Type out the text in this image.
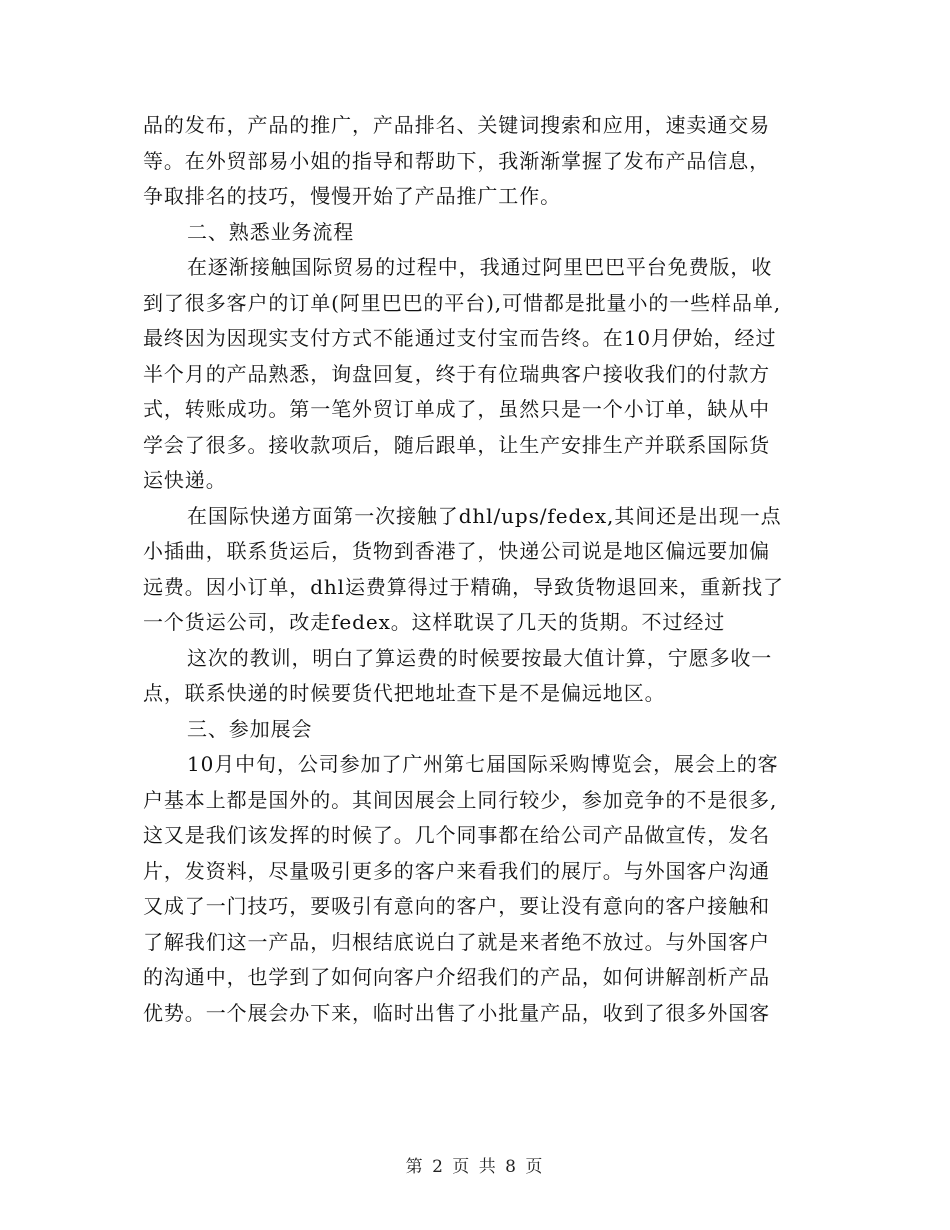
品的发布，产品的推广，产品排名、关键词搜索和应用，速卖通交易
等。在外贸部易小姐的指导和帮助下，我渐渐掌握了发布产品信息，
争取排名的技巧，慢慢开始了产品推广工作。
二、熟悉业务流程
在逐渐接触国际贸易的过程中，我通过阿里巴巴平台免费版，收
到了很多客户的订单(阿里巴巴的平台),可惜都是批量小的一些样品单,
最终因为因现实支付方式不能通过支付宝而告终。在10月伊始，经过
半个月的产品熟悉，询盘回复，终于有位瑞典客户接收我们的付款方
式，转账成功。第一笔外贸订单成了，虽然只是一个小订单，缺从中
学会了很多。接收款项后，随后跟单，让生产安排生产并联系国际货
运快递。
在国际快递方面第一次接触了dhl/ups/fedex,其间还是出现一点
小插曲，联系货运后，货物到香港了，快递公司说是地区偏远要加偏
远费。因小订单，dhl运费算得过于精确，导致货物退回来，重新找了
一个货运公司，改走fedex。这样耽误了几天的货期。不过经过
这次的教训，明白了算运费的时候要按最大值计算，宁愿多收一
点，联系快递的时候要货代把地址查下是不是偏远地区。
三、参加展会
10月中旬，公司参加了广州第七届国际采购博览会，展会上的客
户基本上都是国外的。其间因展会上同行较少，参加竞争的不是很多,
这又是我们该发挥的时候了。几个同事都在给公司产品做宣传，发名
片，发资料，尽量吸引更多的客户来看我们的展厅。与外国客户沟通
又成了一门技巧，要吸引有意向的客户，要让没有意向的客户接触和
了解我们这一产品，归根结底说白了就是来者绝不放过。与外国客户
的沟通中，也学到了如何向客户介绍我们的产品，如何讲解剖析产品
优势。一个展会办下来，临时出售了小批量产品，收到了很多外国客
第 2 页 共 8 页
